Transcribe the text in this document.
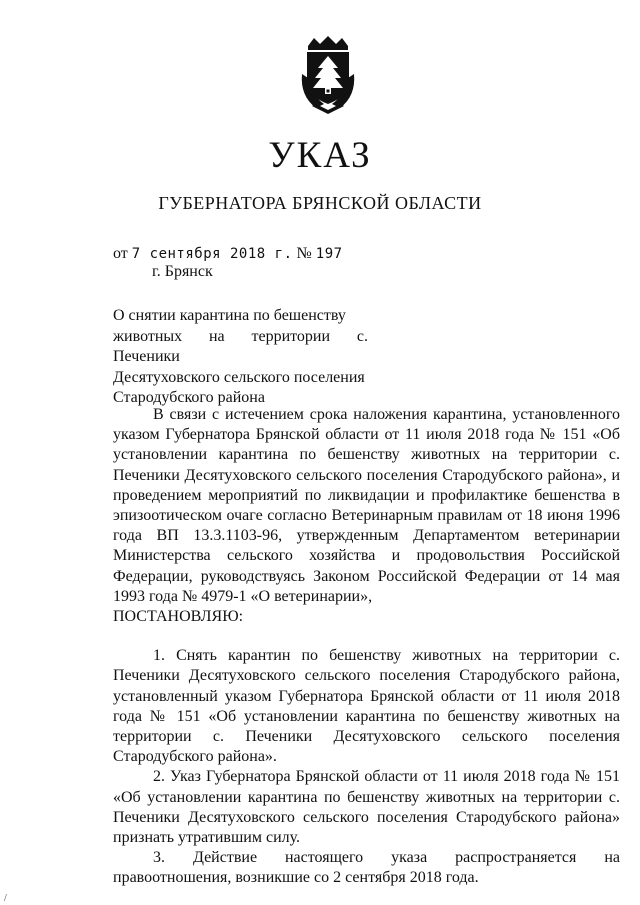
УКАЗ
ГУБЕРНАТОРА БРЯНСКОЙ ОБЛАСТИ
от 7 сентября 2018 г. № 197
г. Брянск
О снятии карантина по бешенству
животных на территории с. Печеники
Десятуховского сельского поселения
Стародубского района

В связи с истечением срока наложения карантина, установленного указом Губернатора Брянской области от 11 июля 2018 года № 151 «Об установлении карантина по бешенству животных на территории с. Печеники Десятуховского сельского поселения Стародубского района», и проведением мероприятий по ликвидации и профилактике бешенства в эпизоотическом очаге согласно Ветеринарным правилам от 18 июня 1996 года ВП 13.3.1103-96, утвержденным Департаментом ветеринарии Министерства сельского хозяйства и продовольствия Российской Федерации, руководствуясь Законом Российской Федерации от 14 мая 1993 года № 4979-1 «О ветеринарии»,

ПОСТАНОВЛЯЮ:

1. Снять карантин по бешенству животных на территории с. Печеники Десятуховского сельского поселения Стародубского района, установленный указом Губернатора Брянской области от 11 июля 2018 года № 151 «Об установлении карантина по бешенству животных на территории с. Печеники Десятуховского сельского поселения Стародубского района».

2. Указ Губернатора Брянской области от 11 июля 2018 года № 151 «Об установлении карантина по бешенству животных на территории с. Печеники Десятуховского сельского поселения Стародубского района» признать утратившим силу.

3. Действие настоящего указа распространяется на правоотношения, возникшие со 2 сентября 2018 года.

/
